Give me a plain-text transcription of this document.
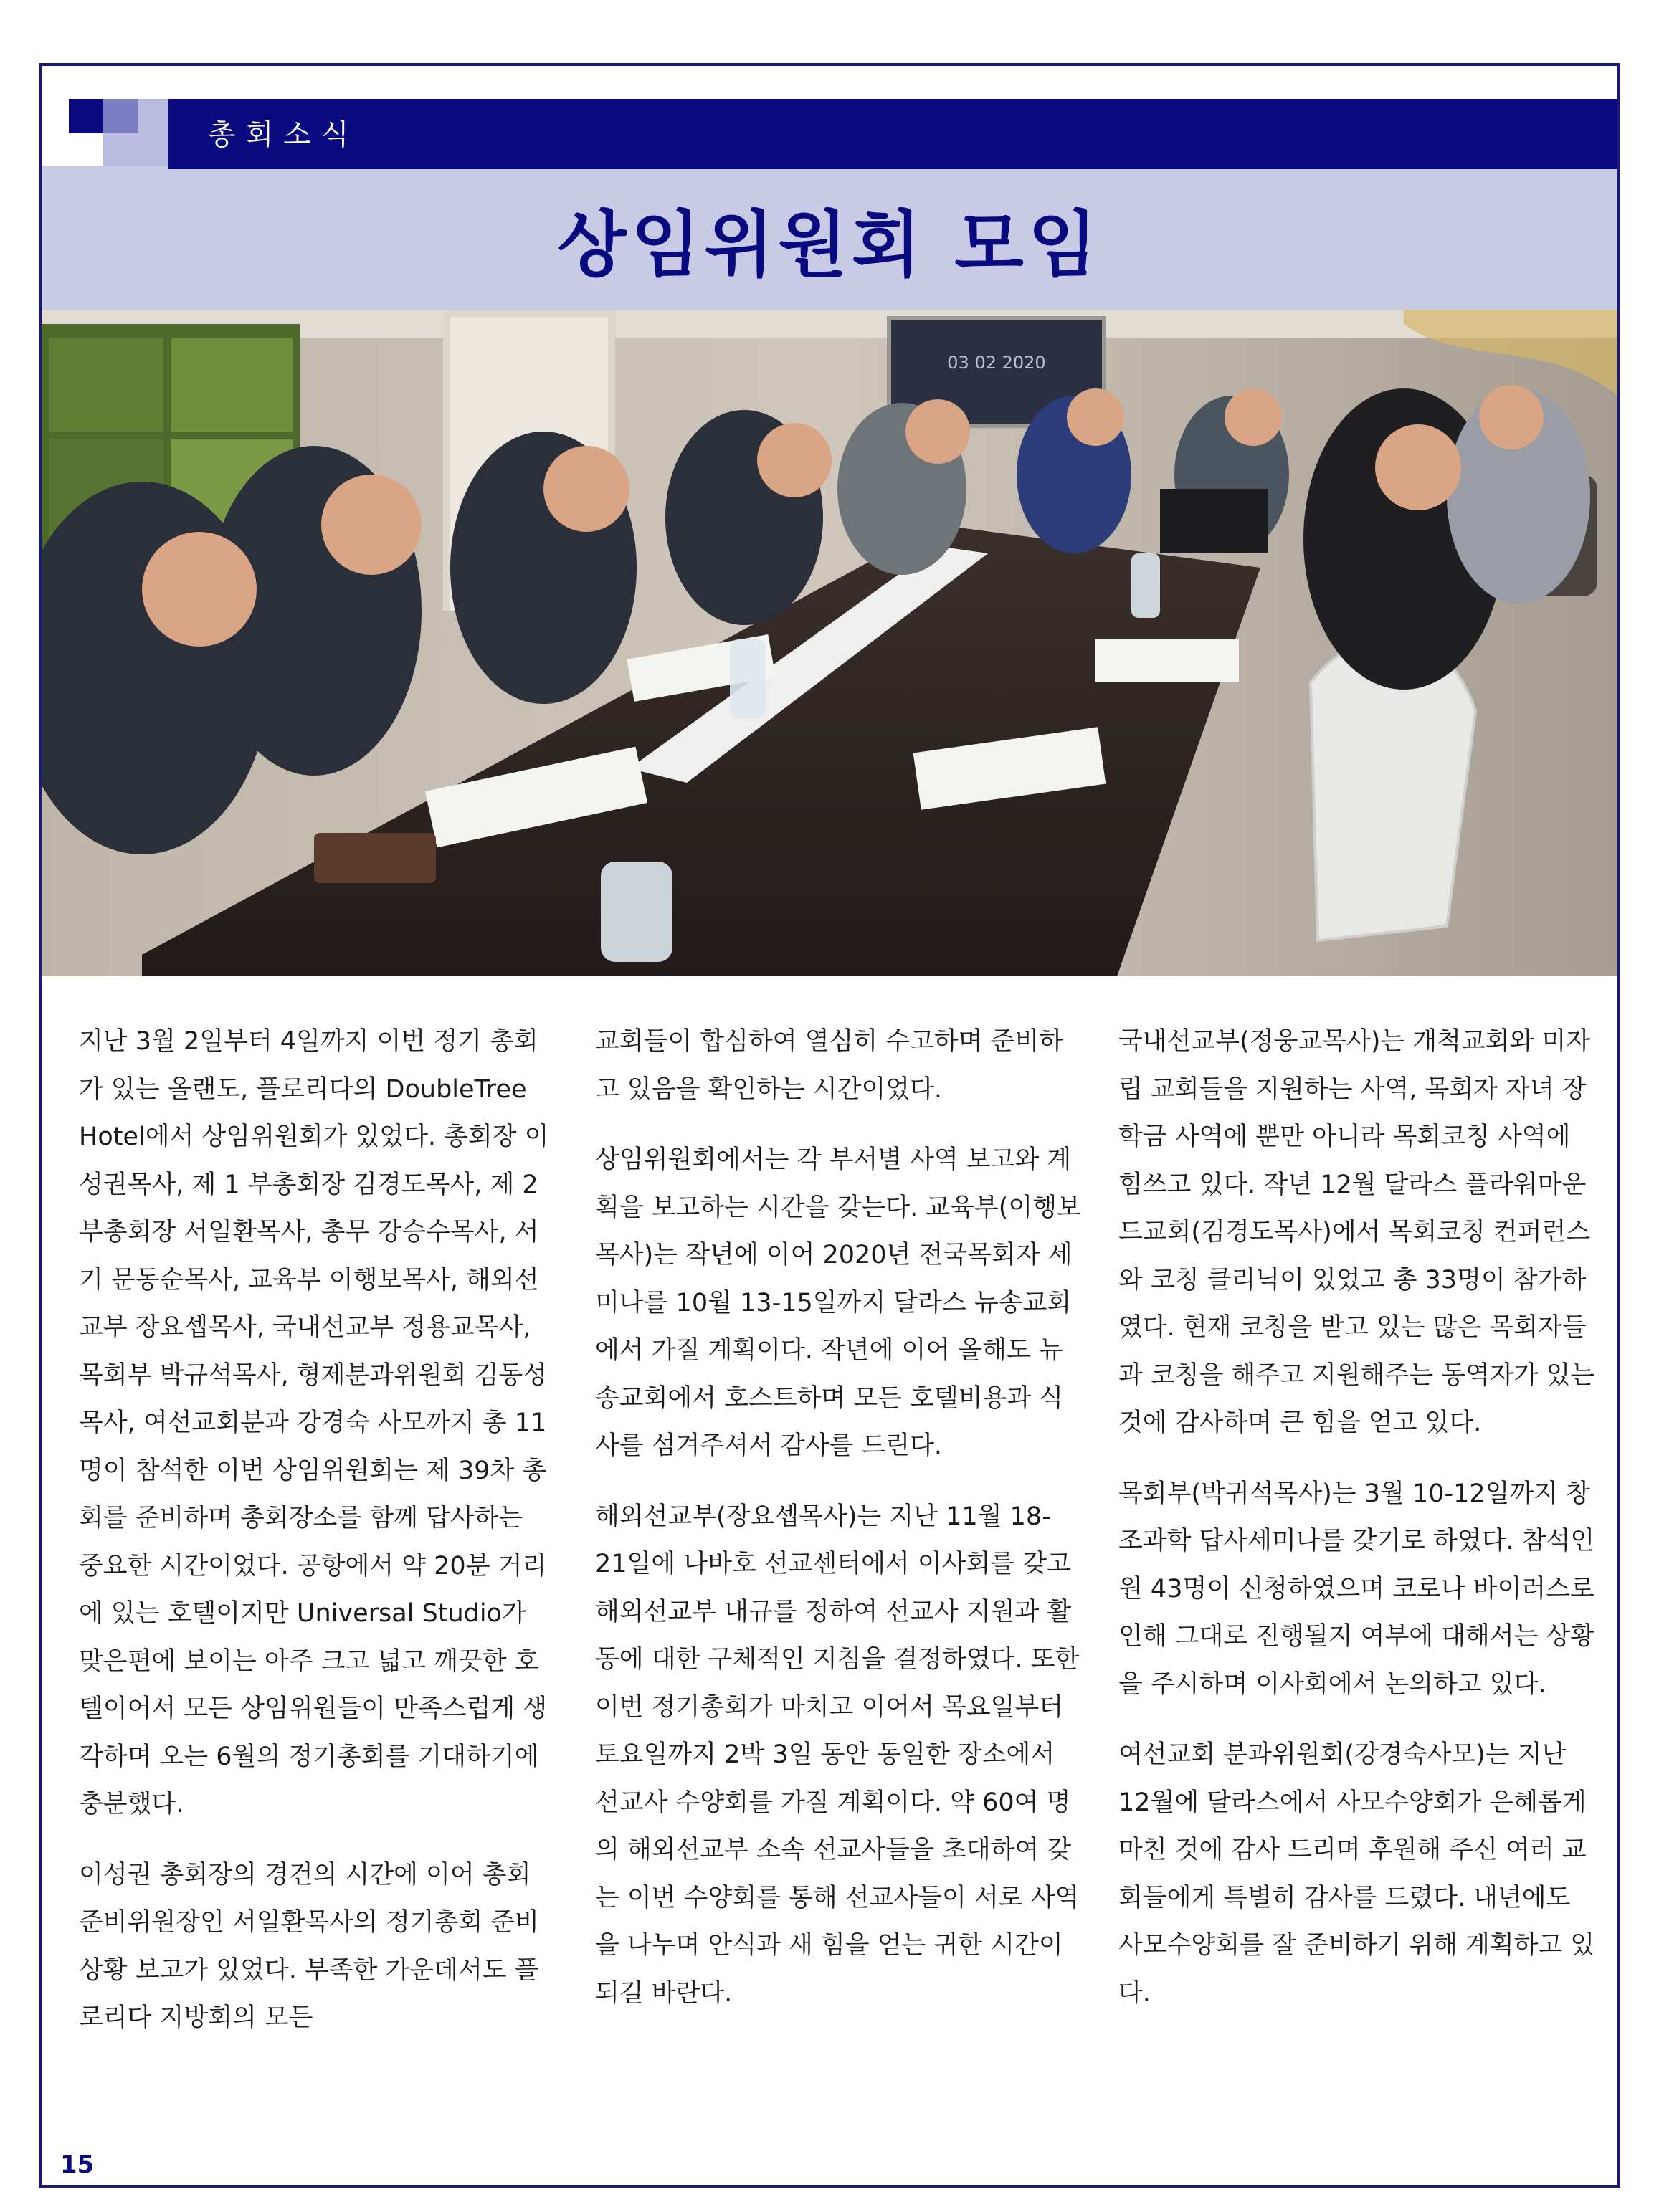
총회소식
상임위원회 모임
03 02 2020

지난 3월 2일부터 4일까지 이번 정기 총회가 있는 올랜도, 플로리다의 DoubleTree Hotel에서 상임위원회가 있었다. 총회장 이성권목사, 제 1 부총회장 김경도목사, 제 2 부총회장 서일환목사, 총무 강승수목사, 서기 문동순목사, 교육부 이행보목사, 해외선교부 장요셉목사, 국내선교부 정용교목사, 목회부 박규석목사, 형제분과위원회 김동성목사, 여선교회분과 강경숙 사모까지 총 11명이 참석한 이번 상임위원회는 제 39차 총회를 준비하며 총회장소를 함께 답사하는 중요한 시간이었다. 공항에서 약 20분 거리에 있는 호텔이지만 Universal Studio가 맞은편에 보이는 아주 크고 넓고 깨끗한 호텔이어서 모든 상임위원들이 만족스럽게 생각하며 오는 6월의 정기총회를 기대하기에 충분했다.

이성권 총회장의 경건의 시간에 이어 총회 준비위원장인 서일환목사의 정기총회 준비상황 보고가 있었다. 부족한 가운데서도 플로리다 지방회의 모든

교회들이 합심하여 열심히 수고하며 준비하고 있음을 확인하는 시간이었다.

상임위원회에서는 각 부서별 사역 보고와 계획을 보고하는 시간을 갖는다. 교육부(이행보목사)는 작년에 이어 2020년 전국목회자 세미나를 10월 13-15일까지 달라스 뉴송교회에서 가질 계획이다. 작년에 이어 올해도 뉴송교회에서 호스트하며 모든 호텔비용과 식사를 섬겨주셔서 감사를 드린다.

해외선교부(장요셉목사)는 지난 11월 18-21일에 나바호 선교센터에서 이사회를 갖고 해외선교부 내규를 정하여 선교사 지원과 활동에 대한 구체적인 지침을 결정하였다. 또한 이번 정기총회가 마치고 이어서 목요일부터 토요일까지 2박 3일 동안 동일한 장소에서 선교사 수양회를 가질 계획이다. 약 60여 명의 해외선교부 소속 선교사들을 초대하여 갖는 이번 수양회를 통해 선교사들이 서로 사역을 나누며 안식과 새 힘을 얻는 귀한 시간이 되길 바란다.

국내선교부(정웅교목사)는 개척교회와 미자립 교회들을 지원하는 사역, 목회자 자녀 장학금 사역에 뿐만 아니라 목회코칭 사역에 힘쓰고 있다. 작년 12월 달라스 플라워마운드교회(김경도목사)에서 목회코칭 컨퍼런스와 코칭 클리닉이 있었고 총 33명이 참가하였다. 현재 코칭을 받고 있는 많은 목회자들과 코칭을 해주고 지원해주는 동역자가 있는 것에 감사하며 큰 힘을 얻고 있다.

목회부(박귀석목사)는 3월 10-12일까지 창조과학 답사세미나를 갖기로 하였다. 참석인원 43명이 신청하였으며 코로나 바이러스로 인해 그대로 진행될지 여부에 대해서는 상황을 주시하며 이사회에서 논의하고 있다.

여선교회 분과위원회(강경숙사모)는 지난 12월에 달라스에서 사모수양회가 은혜롭게 마친 것에 감사 드리며 후원해 주신 여러 교회들에게 특별히 감사를 드렸다. 내년에도 사모수양회를 잘 준비하기 위해 계획하고 있다.

15
